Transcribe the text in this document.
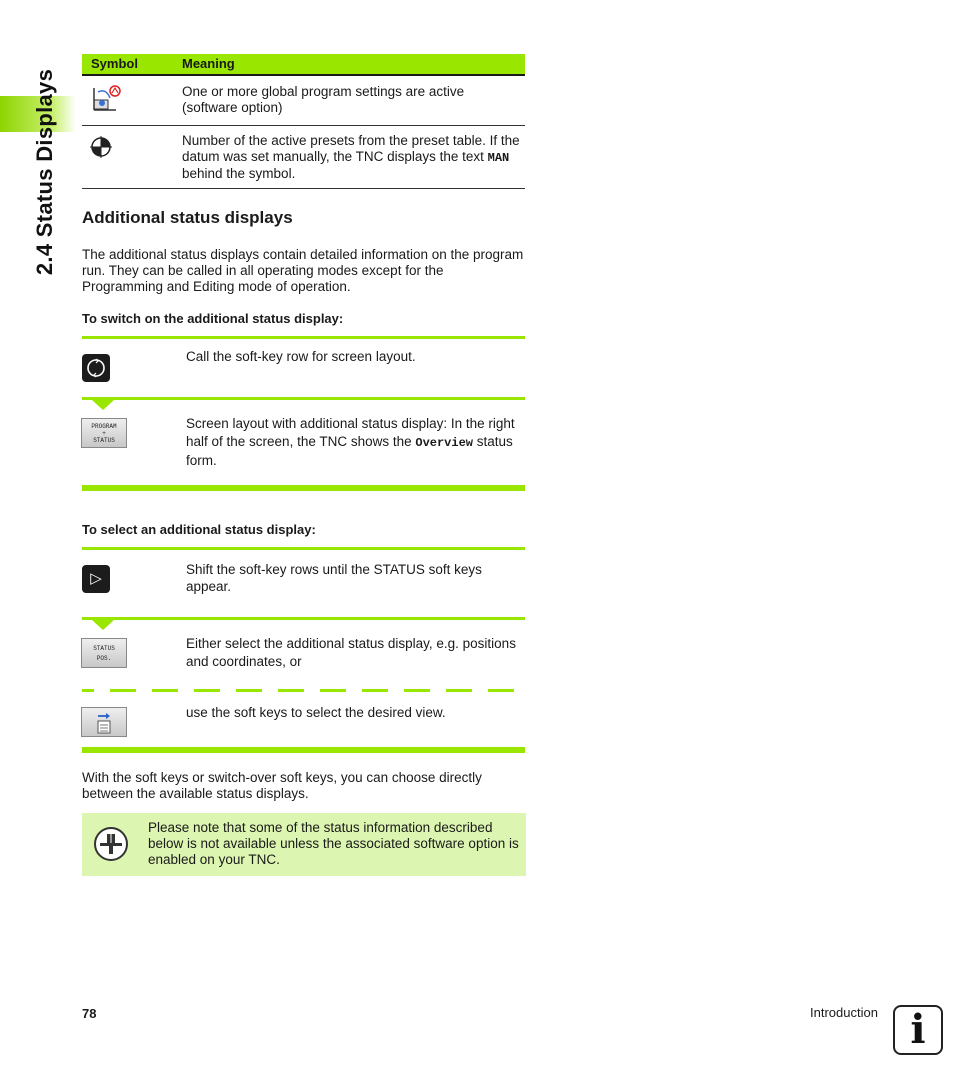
2.4 Status Displays
Symbol	Meaning
One or more global program settings are active (software option)
Number of the active presets from the preset table. If the datum was set manually, the TNC displays the text MAN behind the symbol.
Additional status displays
The additional status displays contain detailed information on the program run. They can be called in all operating modes except for the Programming and Editing mode of operation.
To switch on the additional status display:
Call the soft-key row for screen layout.
PROGRAM
+
STATUS
Screen layout with additional status display: In the right half of the screen, the TNC shows the Overview status form.
To select an additional status display:
▷
Shift the soft-key rows until the STATUS soft keys appear.
STATUS
POS.
Either select the additional status display, e.g. positions and coordinates, or
use the soft keys to select the desired view.
With the soft keys or switch-over soft keys, you can choose directly between the available status displays.
Please note that some of the status information described below is not available unless the associated software option is enabled on your TNC.
78	Introduction i
